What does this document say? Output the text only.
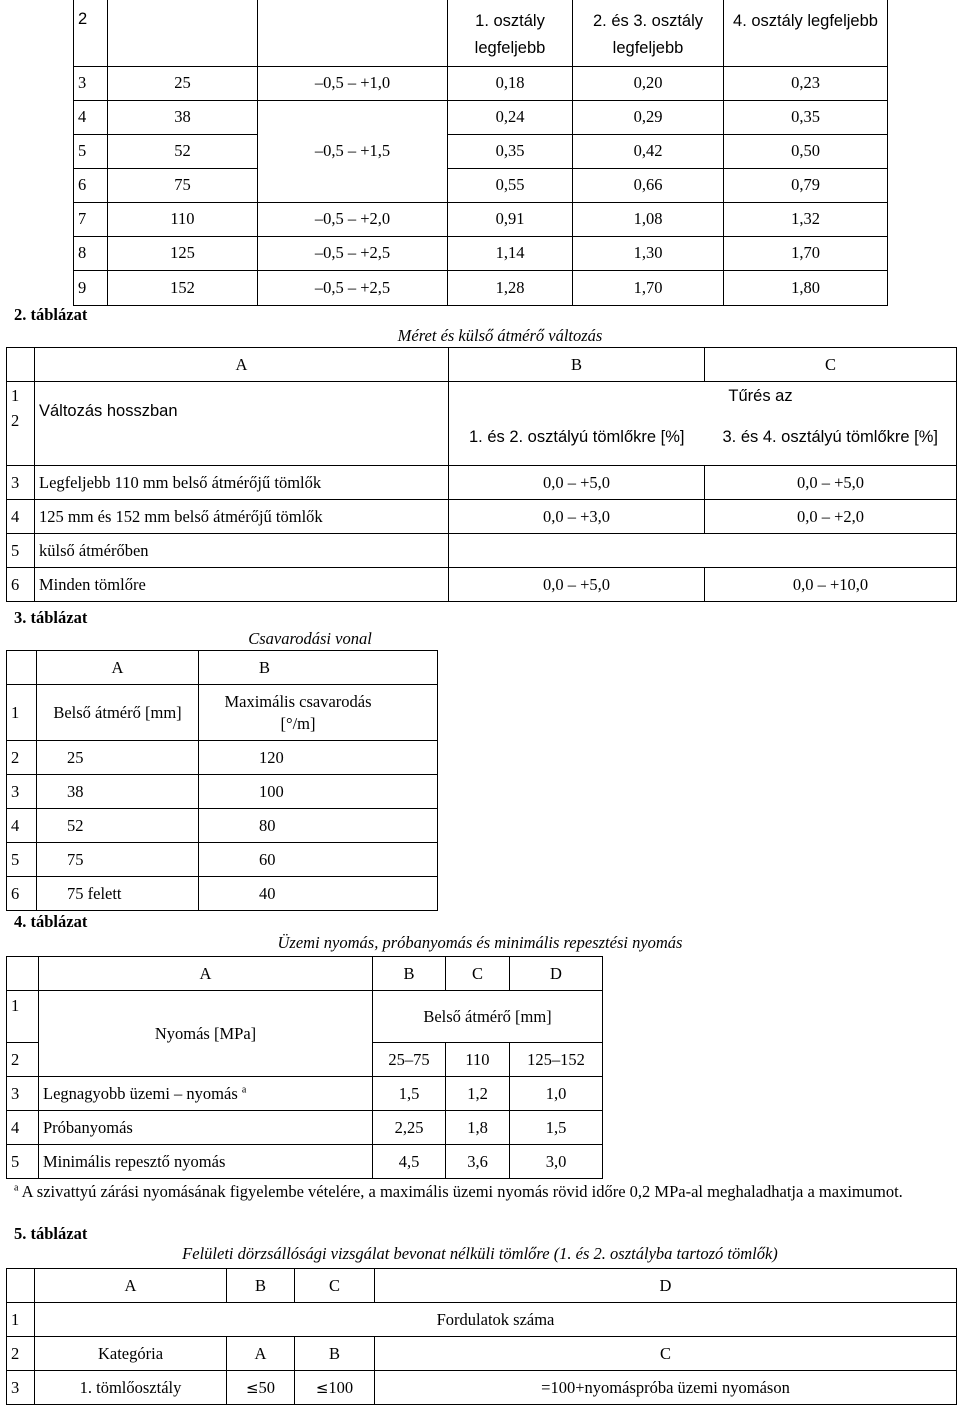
2			1. osztály legfeljebb	2. és 3. osztály legfeljebb	4. osztály legfeljebb
3	25	–0,5 – +1,0	0,18	0,20	0,23
4	38		0,24	0,29	0,35
5	52	–0,5 – +1,5	0,35	0,42	0,50
6	75		0,55	0,66	0,79
7	110	–0,5 – +2,0	0,91	1,08	1,32
8	125	–0,5 – +2,5	1,14	1,30	1,70
9	152	–0,5 – +2,5	1,28	1,70	1,80
2. táblázat
Méret és külső átmérő változás
	A	B	C
1	Változás hosszban	Tűrés az	
2		1. és 2. osztályú tömlőkre [%]	3. és 4. osztályú tömlőkre [%]
3	Legfeljebb 110 mm belső átmérőjű tömlők	0,0 – +5,0	0,0 – +5,0
4	125 mm és 152 mm belső átmérőjű tömlők	0,0 – +3,0	0,0 – +2,0
5	külső átmérőben		
6	Minden tömlőre	0,0 – +5,0	0,0 – +10,0
3. táblázat
Csavarodási vonal
	A	B
1	Belső átmérő [mm]	Maximális csavarodás [°/m]
2	25	120
3	38	100
4	52	80
5	75	60
6	75 felett	40
4. táblázat
Üzemi nyomás, próbanyomás és minimális repesztési nyomás
	A	B	C	D
1	Nyomás [MPa]	Belső átmérő [mm]		
2		25–75	110	125–152
3	Legnagyobb üzemi – nyomás $^a$	1,5	1,2	1,0
4	Próbanyomás	2,25	1,8	1,5
5	Minimális repesztő nyomás	4,5	3,6	3,0
$^a$ A szivattyú zárási nyomásának figyelembe vételére, a maximális üzemi nyomás rövid időre 0,2 MPa-al meghaladhatja a maximumot.
5. táblázat
Felületi dörzsállósági vizsgálat bevonat nélküli tömlőre (1. és 2. osztályba tartozó tömlők)
	A	B	C	D
1	Fordulatok száma			
2	Kategória	A	B	C
3	1. tömlőosztály	≤50	≤100	=100+nyomáspróba üzemi nyomáson
